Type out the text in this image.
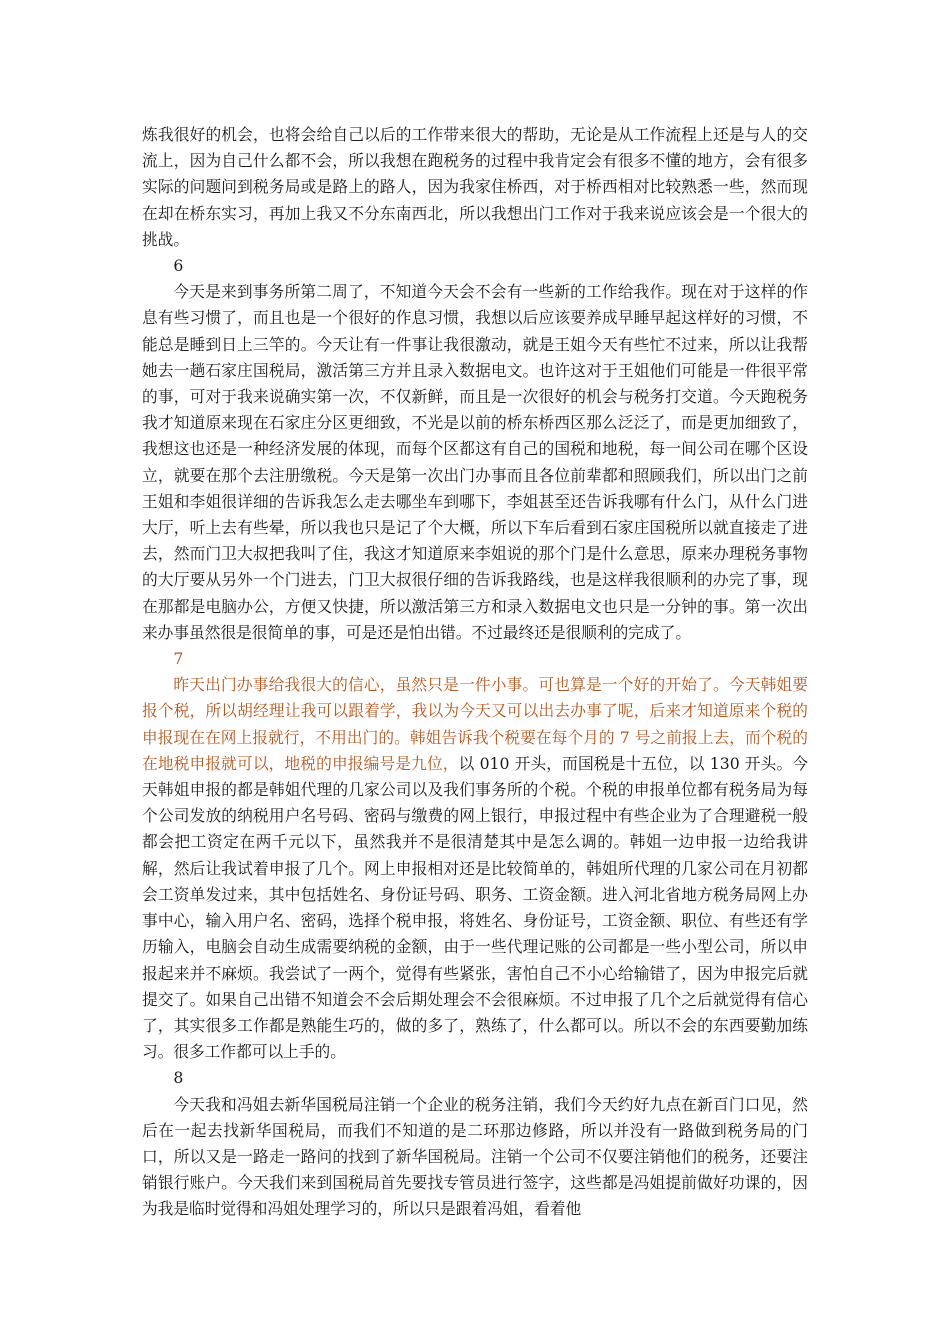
炼我很好的机会，也将会给自己以后的工作带来很大的帮助，无论是从工作流程上还是与人的交流上，因为自己什么都不会，所以我想在跑税务的过程中我肯定会有很多不懂的地方，会有很多实际的问题问到税务局或是路上的路人，因为我家住桥西，对于桥西相对比较熟悉一些，然而现在却在桥东实习，再加上我又不分东南西北，所以我想出门工作对于我来说应该会是一个很大的挑战。

6

今天是来到事务所第二周了，不知道今天会不会有一些新的工作给我作。现在对于这样的作息有些习惯了，而且也是一个很好的作息习惯，我想以后应该要养成早睡早起这样好的习惯，不能总是睡到日上三竿的。今天让有一件事让我很激动，就是王姐今天有些忙不过来，所以让我帮她去一趟石家庄国税局，激活第三方并且录入数据电文。也许这对于王姐他们可能是一件很平常的事，可对于我来说确实第一次，不仅新鲜，而且是一次很好的机会与税务打交道。今天跑税务我才知道原来现在石家庄分区更细致，不光是以前的桥东桥西区那么泛泛了，而是更加细致了，我想这也还是一种经济发展的体现，而每个区都这有自己的国税和地税，每一间公司在哪个区设立，就要在那个去注册缴税。今天是第一次出门办事而且各位前辈都和照顾我们，所以出门之前王姐和李姐很详细的告诉我怎么走去哪坐车到哪下，李姐甚至还告诉我哪有什么门，从什么门进大厅，听上去有些晕，所以我也只是记了个大概，所以下车后看到石家庄国税所以就直接走了进去，然而门卫大叔把我叫了住，我这才知道原来李姐说的那个门是什么意思，原来办理税务事物的大厅要从另外一个门进去，门卫大叔很仔细的告诉我路线，也是这样我很顺利的办完了事，现在那都是电脑办公，方便又快捷，所以激活第三方和录入数据电文也只是一分钟的事。第一次出来办事虽然很是很简单的事，可是还是怕出错。不过最终还是很顺利的完成了。

7

昨天出门办事给我很大的信心，虽然只是一件小事。可也算是一个好的开始了。今天韩姐要报个税，所以胡经理让我可以跟着学，我以为今天又可以出去办事了呢，后来才知道原来个税的申报现在在网上报就行，不用出门的。韩姐告诉我个税要在每个月的 7 号之前报上去，而个税的在地税申报就可以，地税的申报编号是九位，以 010 开头，而国税是十五位，以 130 开头。今天韩姐申报的都是韩姐代理的几家公司以及我们事务所的个税。个税的申报单位都有税务局为每个公司发放的纳税用户名号码、密码与缴费的网上银行，申报过程中有些企业为了合理避税一般都会把工资定在两千元以下，虽然我并不是很清楚其中是怎么调的。韩姐一边申报一边给我讲解，然后让我试着申报了几个。网上申报相对还是比较简单的，韩姐所代理的几家公司在月初都会工资单发过来，其中包括姓名、身份证号码、职务、工资金额。进入河北省地方税务局网上办事中心，输入用户名、密码，选择个税申报，将姓名、身份证号，工资金额、职位、有些还有学历输入，电脑会自动生成需要纳税的金额，由于一些代理记账的公司都是一些小型公司，所以申报起来并不麻烦。我尝试了一两个，觉得有些紧张，害怕自己不小心给输错了，因为申报完后就提交了。如果自己出错不知道会不会后期处理会不会很麻烦。不过申报了几个之后就觉得有信心了，其实很多工作都是熟能生巧的，做的多了，熟练了，什么都可以。所以不会的东西要勤加练习。很多工作都可以上手的。

8

今天我和冯姐去新华国税局注销一个企业的税务注销，我们今天约好九点在新百门口见，然后在一起去找新华国税局，而我们不知道的是二环那边修路，所以并没有一路做到税务局的门口，所以又是一路走一路问的找到了新华国税局。注销一个公司不仅要注销他们的税务，还要注销银行账户。今天我们来到国税局首先要找专管员进行签字，这些都是冯姐提前做好功课的，因为我是临时觉得和冯姐处理学习的，所以只是跟着冯姐，看着他
